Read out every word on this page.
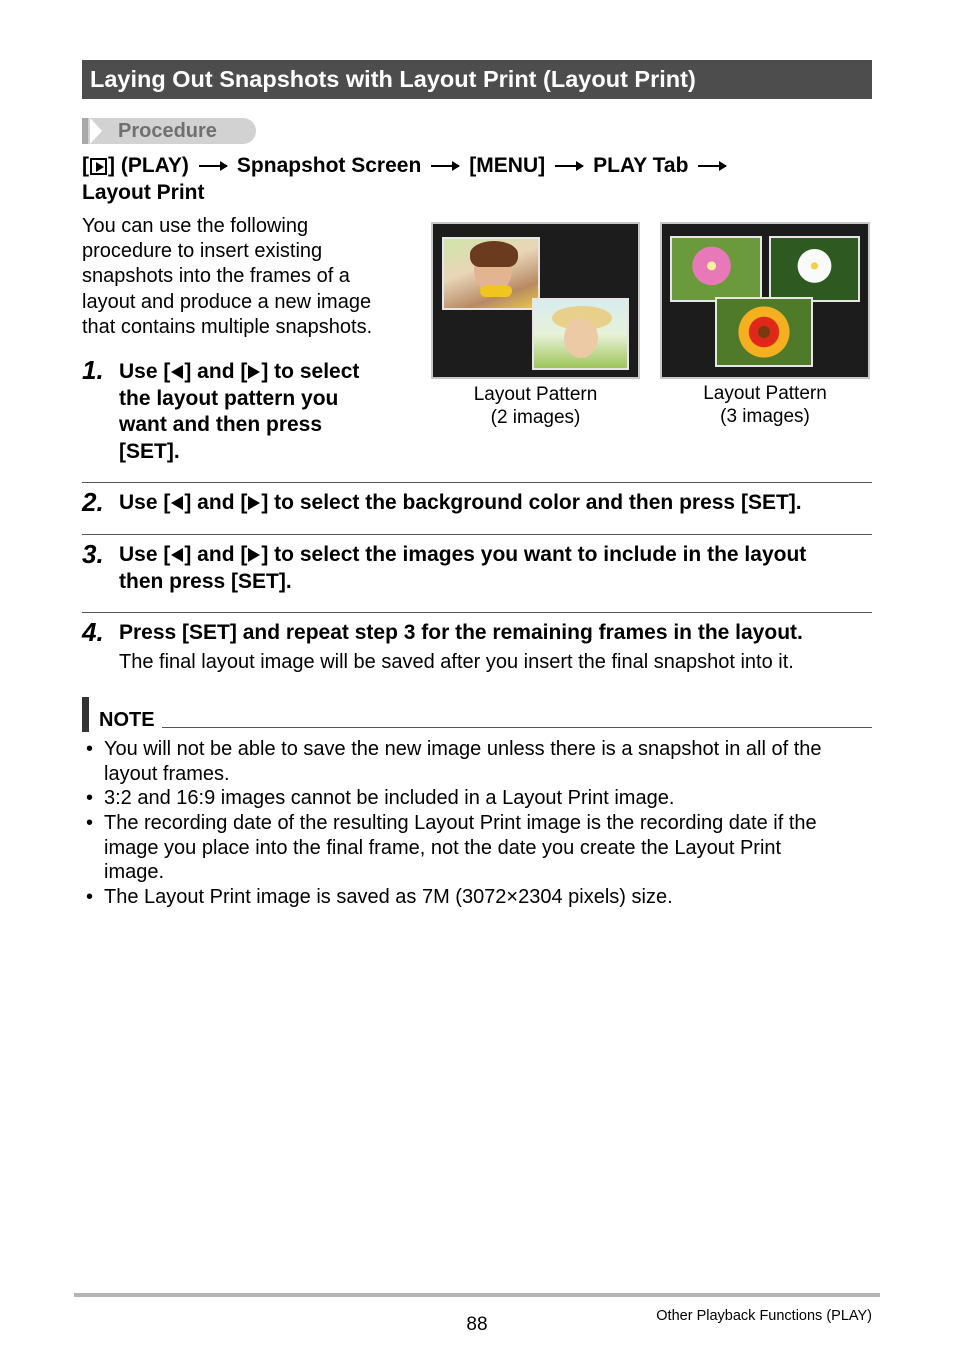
Laying Out Snapshots with Layout Print (Layout Print)
Procedure
[ ] (PLAY) Spnapshot Screen [MENU] PLAY Tab
Layout Print
You can use the following
procedure to insert existing
snapshots into the frames of a
layout and produce a new image
that contains multiple snapshots.
Layout Pattern
(2 images)
Layout Pattern
(3 images)
1. Use [ ] and [ ] to select
the layout pattern you
want and then press
[SET].
2. Use [ ] and [ ] to select the background color and then press [SET].
3. Use [ ] and [ ] to select the images you want to include in the layout
then press [SET].
4. Press [SET] and repeat step 3 for the remaining frames in the layout.
The final layout image will be saved after you insert the final snapshot into it.
NOTE
• You will not be able to save the new image unless there is a snapshot in all of the
layout frames.
• 3:2 and 16:9 images cannot be included in a Layout Print image.
• The recording date of the resulting Layout Print image is the recording date if the
image you place into the final frame, not the date you create the Layout Print
image.
• The Layout Print image is saved as 7M (3072×2304 pixels) size.
88	Other Playback Functions (PLAY)
